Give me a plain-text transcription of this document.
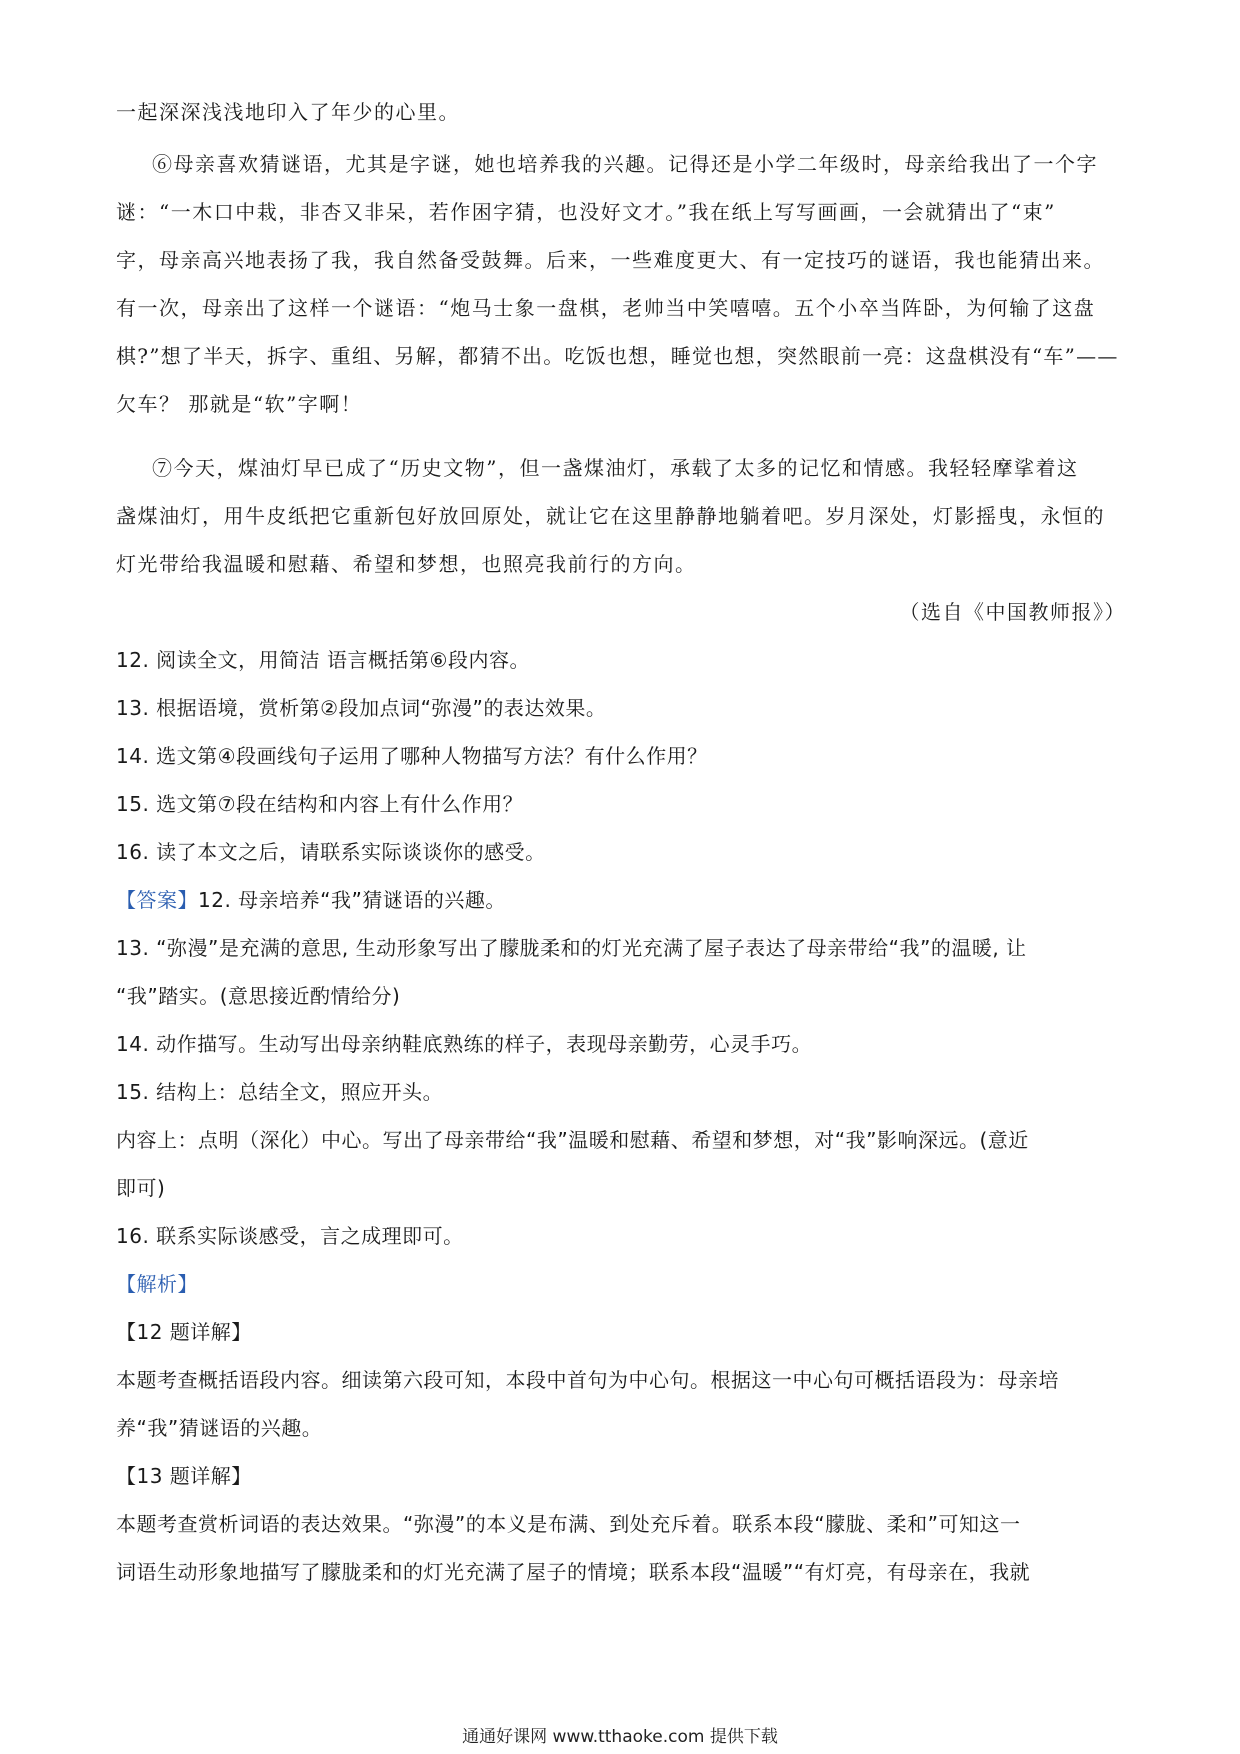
一起深深浅浅地印入了年少的心里。
⑥母亲喜欢猜谜语，尤其是字谜，她也培养我的兴趣。记得还是小学二年级时，母亲给我出了一个字
谜：“一木口中栽，非杏又非呆，若作困字猜，也没好文才。”我在纸上写写画画，一会就猜出了“束”
字，母亲高兴地表扬了我，我自然备受鼓舞。后来，一些难度更大、有一定技巧的谜语，我也能猜出来。
有一次，母亲出了这样一个谜语：“炮马士象一盘棋，老帅当中笑嘻嘻。五个小卒当阵卧，为何输了这盘
棋?”想了半天，拆字、重组、另解，都猜不出。吃饭也想，睡觉也想，突然眼前一亮：这盘棋没有“车”——
欠车？ 那就是“软”字啊！
⑦今天，煤油灯早已成了“历史文物”，但一盏煤油灯，承载了太多的记忆和情感。我轻轻摩挲着这
盏煤油灯，用牛皮纸把它重新包好放回原处，就让它在这里静静地躺着吧。岁月深处，灯影摇曳，永恒的
灯光带给我温暖和慰藉、希望和梦想，也照亮我前行的方向。
（选自《中国教师报》）
12. 阅读全文，用简洁 语言概括第⑥段内容。
13. 根据语境，赏析第②段加点词“弥漫”的表达效果。
14. 选文第④段画线句子运用了哪种人物描写方法？有什么作用？
15. 选文第⑦段在结构和内容上有什么作用？
16. 读了本文之后，请联系实际谈谈你的感受。
【答案】12. 母亲培养“我”猜谜语的兴趣。
13. “弥漫”是充满的意思, 生动形象写出了朦胧柔和的灯光充满了屋子表达了母亲带给“我”的温暖, 让
“我”踏实。(意思接近酌情给分)
14. 动作描写。生动写出母亲纳鞋底熟练的样子，表现母亲勤劳，心灵手巧。
15. 结构上：总结全文，照应开头。
内容上：点明（深化）中心。写出了母亲带给“我”温暖和慰藉、希望和梦想，对“我”影响深远。(意近
即可)
16. 联系实际谈感受，言之成理即可。
【解析】
【12 题详解】
本题考查概括语段内容。细读第六段可知，本段中首句为中心句。根据这一中心句可概括语段为：母亲培
养“我”猜谜语的兴趣。
【13 题详解】
本题考查赏析词语的表达效果。“弥漫”的本义是布满、到处充斥着。联系本段“朦胧、柔和”可知这一
词语生动形象地描写了朦胧柔和的灯光充满了屋子的情境；联系本段“温暖”“有灯亮，有母亲在，我就
通通好课网 www.tthaoke.com 提供下载
